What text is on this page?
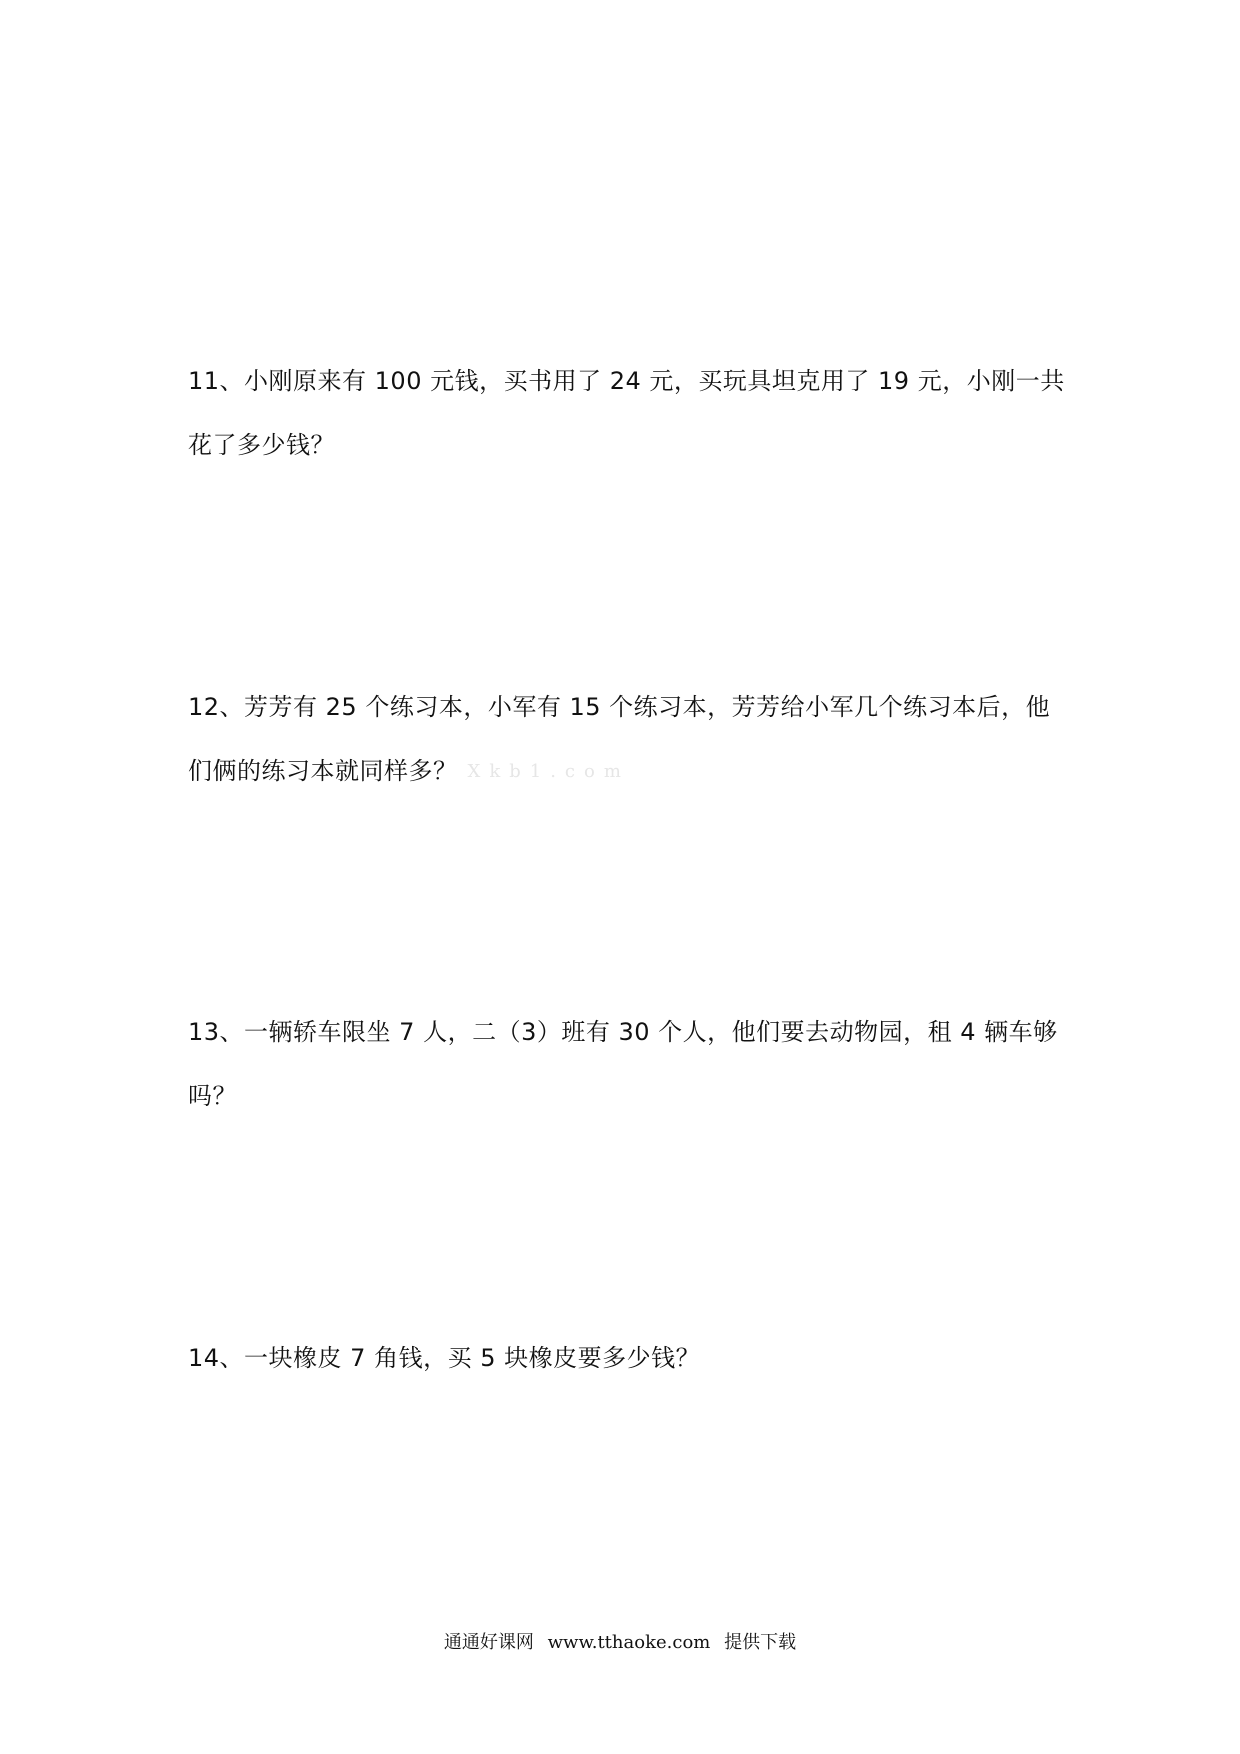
11、小刚原来有 100 元钱，买书用了 24 元，买玩具坦克用了 19 元，小刚一共
花了多少钱？
12、芳芳有 25 个练习本，小军有 15 个练习本，芳芳给小军几个练习本后，他
们俩的练习本就同样多？ Xkb1.com
13、一辆轿车限坐 7 人，二（3）班有 30 个人，他们要去动物园，租 4 辆车够
吗？
14、一块橡皮 7 角钱，买 5 块橡皮要多少钱？
通通好课网 www.tthaoke.com 提供下载
